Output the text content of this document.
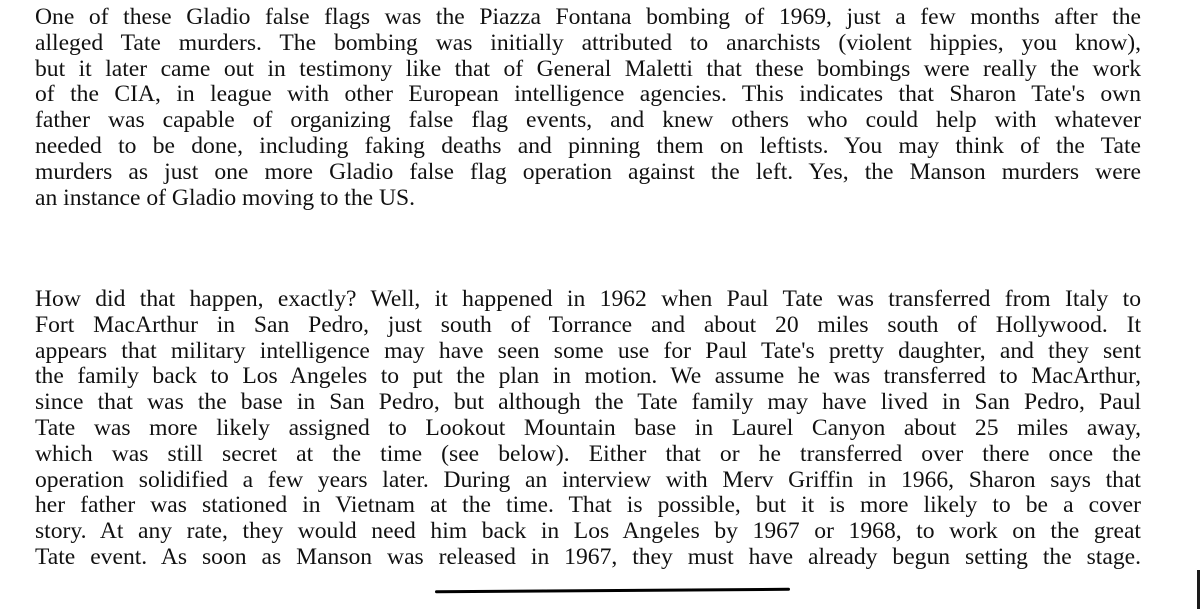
One of these Gladio false flags was the Piazza Fontana bombing of 1969, just a few months after the
alleged Tate murders. The bombing was initially attributed to anarchists (violent hippies, you know),
but it later came out in testimony like that of General Maletti that these bombings were really the work
of the CIA, in league with other European intelligence agencies. This indicates that Sharon Tate's own
father was capable of organizing false flag events, and knew others who could help with whatever
needed to be done, including faking deaths and pinning them on leftists. You may think of the Tate
murders as just one more Gladio false flag operation against the left. Yes, the Manson murders were
an instance of Gladio moving to the US.
How did that happen, exactly? Well, it happened in 1962 when Paul Tate was transferred from Italy to
Fort MacArthur in San Pedro, just south of Torrance and about 20 miles south of Hollywood. It
appears that military intelligence may have seen some use for Paul Tate's pretty daughter, and they sent
the family back to Los Angeles to put the plan in motion. We assume he was transferred to MacArthur,
since that was the base in San Pedro, but although the Tate family may have lived in San Pedro, Paul
Tate was more likely assigned to Lookout Mountain base in Laurel Canyon about 25 miles away,
which was still secret at the time (see below). Either that or he transferred over there once the
operation solidified a few years later. During an interview with Merv Griffin in 1966, Sharon says that
her father was stationed in Vietnam at the time. That is possible, but it is more likely to be a cover
story. At any rate, they would need him back in Los Angeles by 1967 or 1968, to work on the great
Tate event. As soon as Manson was released in 1967, they must have already begun setting the stage.
